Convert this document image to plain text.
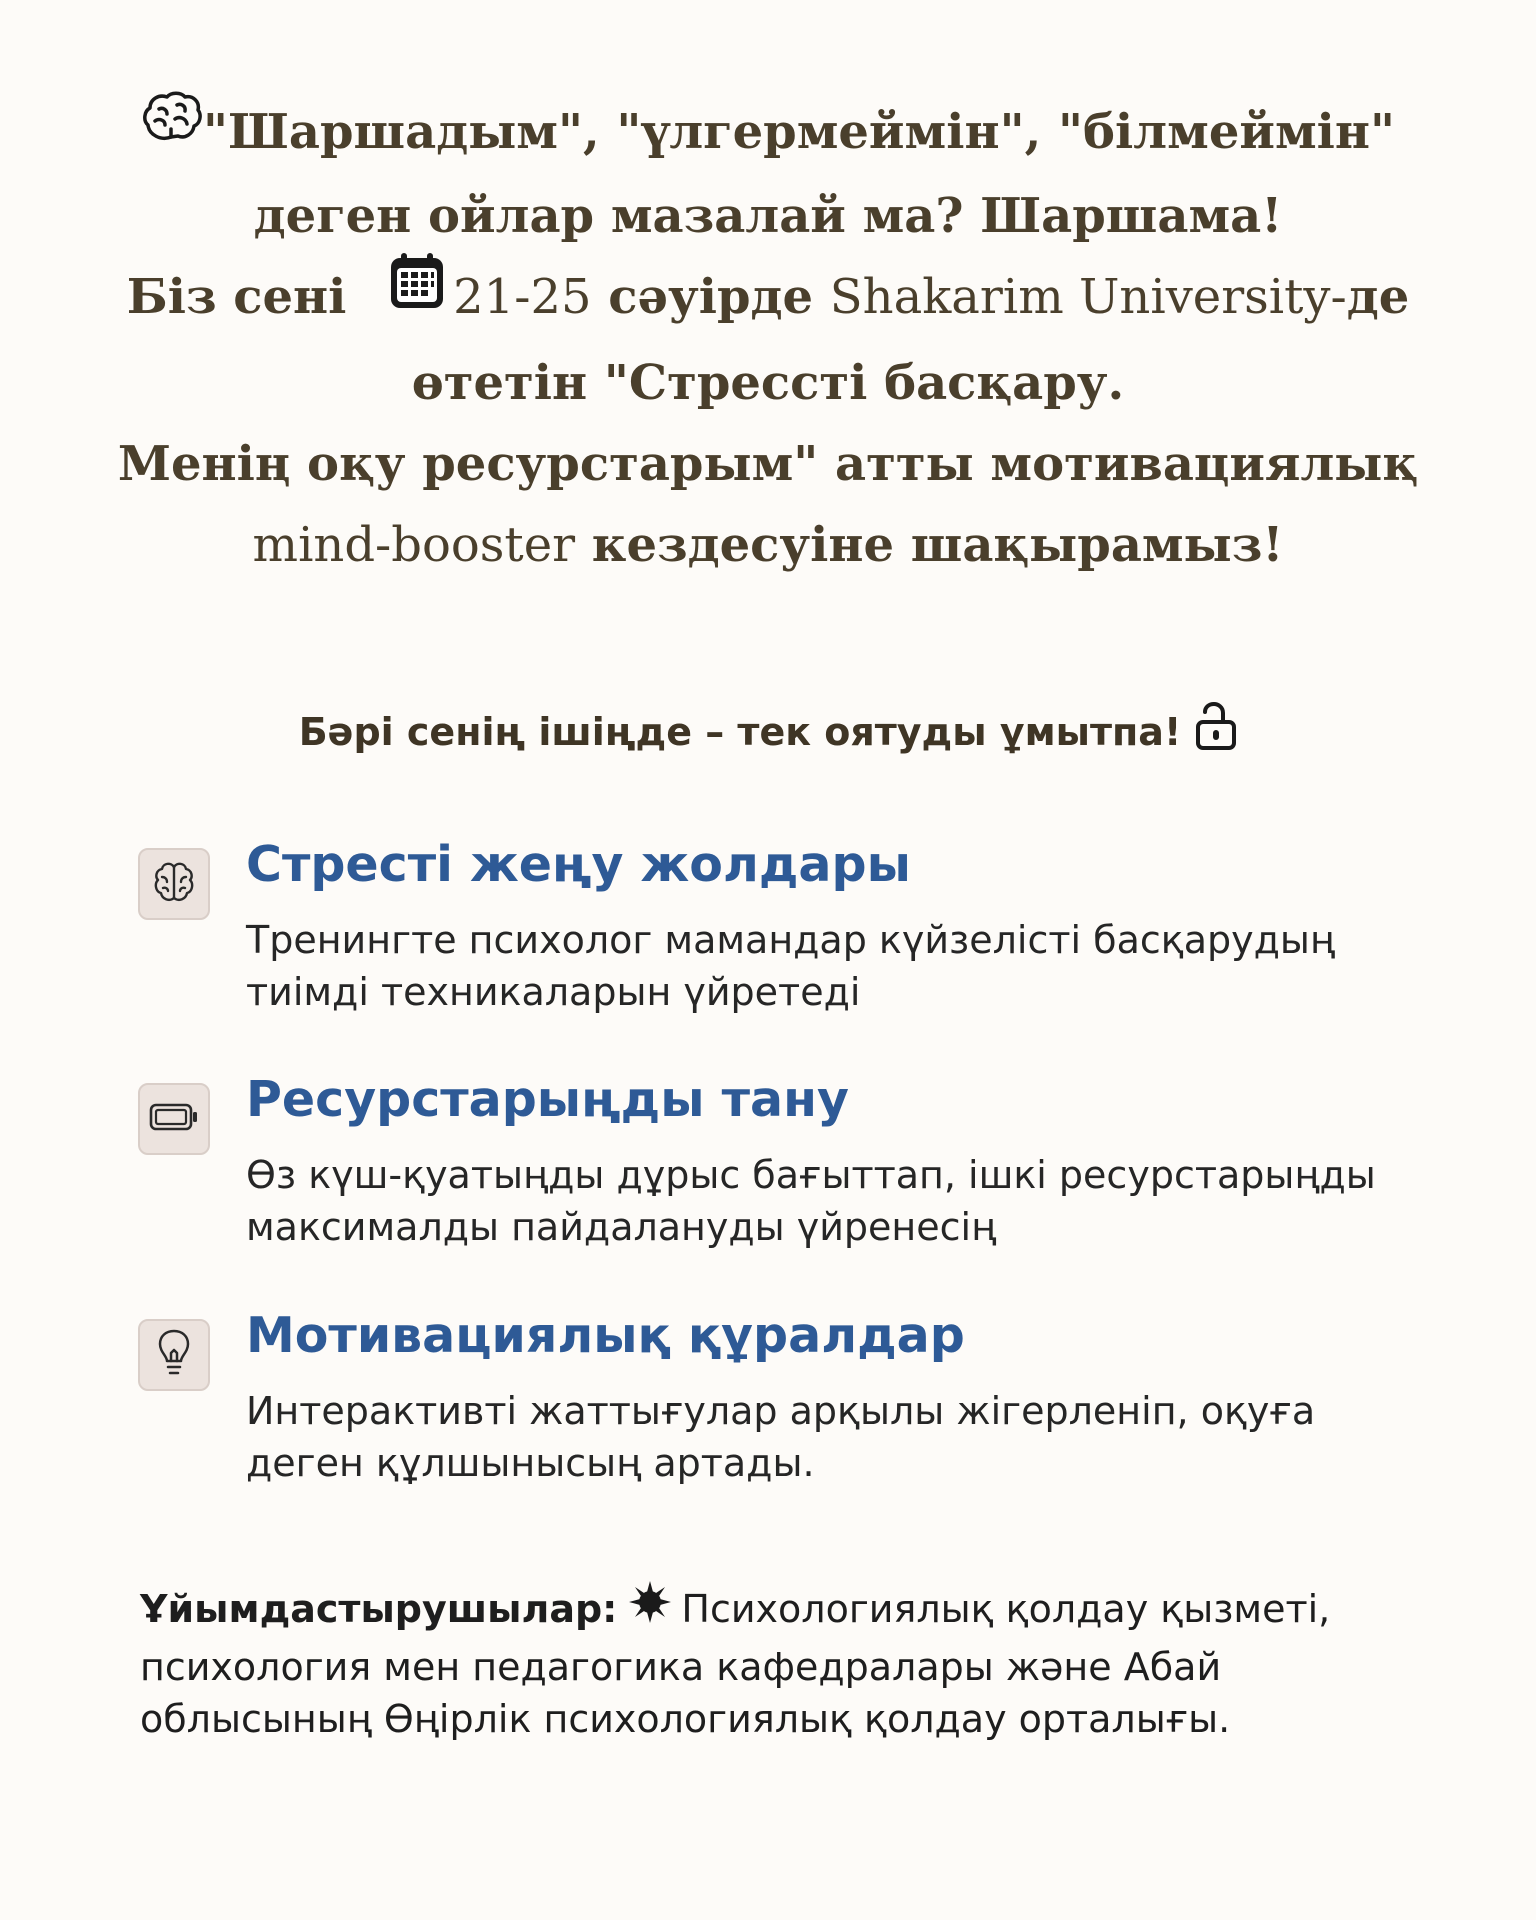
"Шаршадым", "үлгермеймін", "білмеймін"
деген ойлар мазалай ма? Шаршама!
Біз сені 21-25 сәуірде Shakarim University-де
өтетін "Стрессті басқару.
Менің оқу ресурстарым" атты мотивациялық
mind-booster кездесуіне шақырамыз!
Бәрі сенің ішіңде – тек оятуды ұмытпа!
Стресті жеңу жолдары
Тренингте психолог мамандар күйзелісті басқарудың тиімді техникаларын үйретеді
Ресурстарыңды тану
Өз күш-қуатыңды дұрыс бағыттап, ішкі ресурстарыңды максималды пайдалануды үйренесің
Мотивациялық құралдар
Интерактивті жаттығулар арқылы жігерленіп, оқуға деген құлшынысың артады.
Ұйымдастырушылар: Психологиялық қолдау қызметі, психология мен педагогика кафедралары және Абай облысының Өңірлік психологиялық қолдау орталығы.
